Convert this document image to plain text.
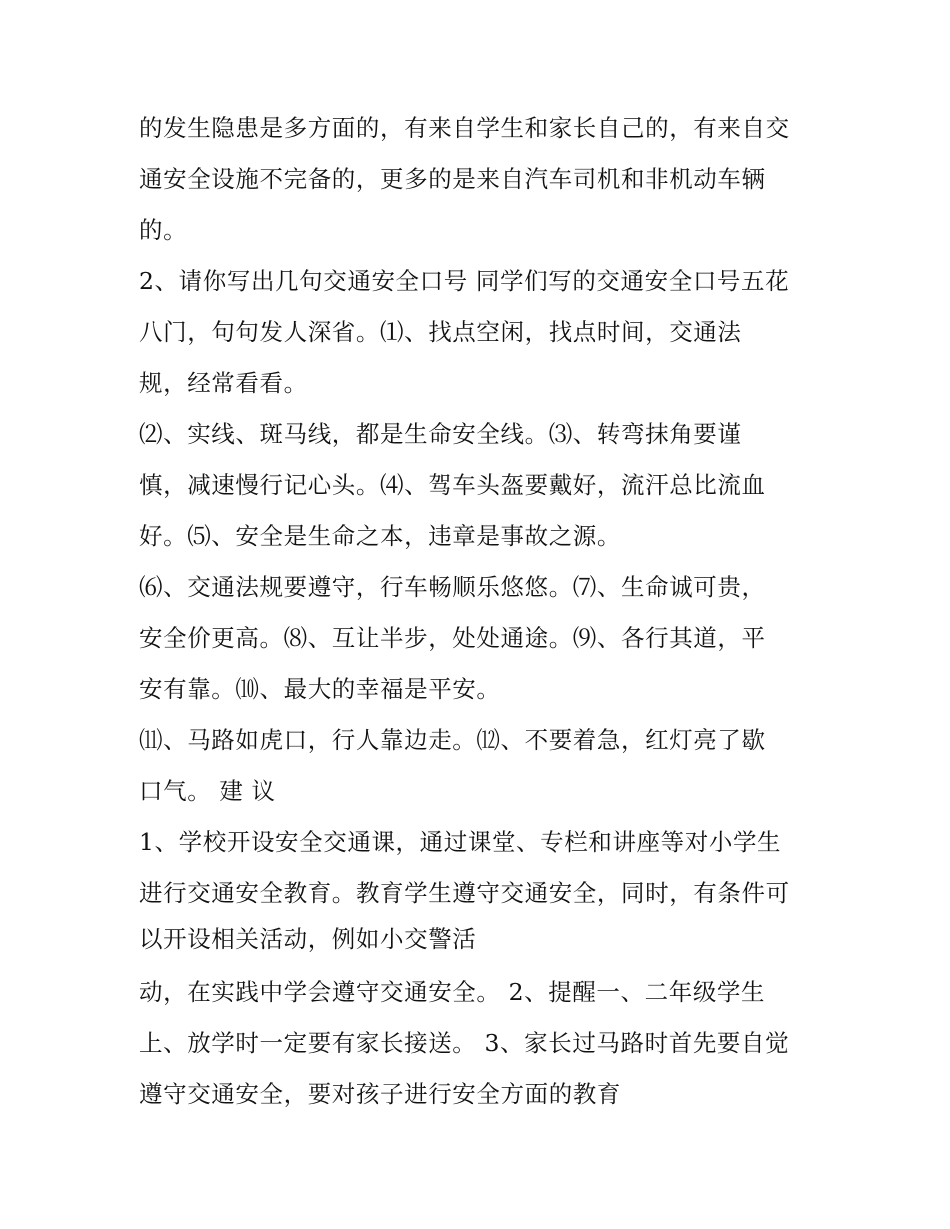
的发生隐患是多方面的，有来自学生和家长自己的，有来自交
通安全设施不完备的，更多的是来自汽车司机和非机动车辆
的。
2、请你写出几句交通安全口号 同学们写的交通安全口号五花
八门，句句发人深省。⑴、找点空闲，找点时间，交通法
规，经常看看。
⑵、实线、斑马线，都是生命安全线。⑶、转弯抹角要谨
慎，减速慢行记心头。⑷、驾车头盔要戴好，流汗总比流血
好。⑸、安全是生命之本，违章是事故之源。
⑹、交通法规要遵守，行车畅顺乐悠悠。⑺、生命诚可贵，
安全价更高。⑻、互让半步，处处通途。⑼、各行其道，平
安有靠。⑽、最大的幸福是平安。
⑾、马路如虎口，行人靠边走。⑿、不要着急，红灯亮了歇
口气。 建 议
1、学校开设安全交通课，通过课堂、专栏和讲座等对小学生
进行交通安全教育。教育学生遵守交通安全，同时，有条件可
以开设相关活动，例如小交警活
动，在实践中学会遵守交通安全。 2、提醒一、二年级学生
上、放学时一定要有家长接送。 3、家长过马路时首先要自觉
遵守交通安全，要对孩子进行安全方面的教育
